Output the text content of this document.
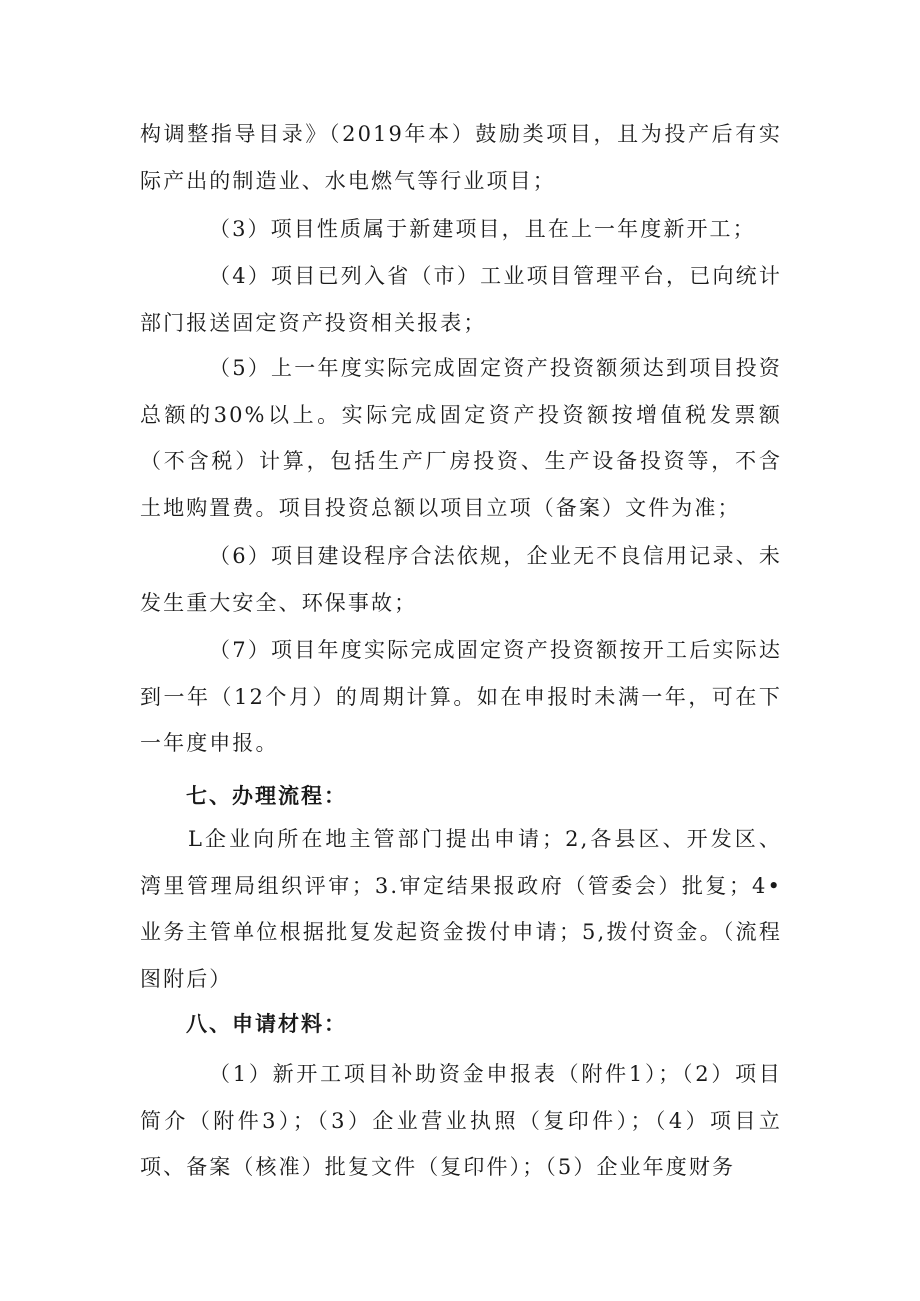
构调整指导目录》（2019年本）鼓励类项目，且为投产后有实际产出的制造业、水电燃气等行业项目；

（3）项目性质属于新建项目，且在上一年度新开工；

（4）项目已列入省（市）工业项目管理平台，已向统计部门报送固定资产投资相关报表；

（5）上一年度实际完成固定资产投资额须达到项目投资总额的30%以上。实际完成固定资产投资额按增值税发票额（不含税）计算，包括生产厂房投资、生产设备投资等，不含土地购置费。项目投资总额以项目立项（备案）文件为准；

（6）项目建设程序合法依规，企业无不良信用记录、未发生重大安全、环保事故；

（7）项目年度实际完成固定资产投资额按开工后实际达到一年（12个月）的周期计算。如在申报时未满一年，可在下一年度申报。

七、办理流程：

L企业向所在地主管部门提出申请；2,各县区、开发区、湾里管理局组织评审；3.审定结果报政府（管委会）批复；4•业务主管单位根据批复发起资金拨付申请；5,拨付资金。（流程图附后）

八、申请材料：

（1）新开工项目补助资金申报表（附件1）；（2）项目简介（附件3）；（3）企业营业执照（复印件）；（4）项目立项、备案（核准）批复文件（复印件）；（5）企业年度财务
